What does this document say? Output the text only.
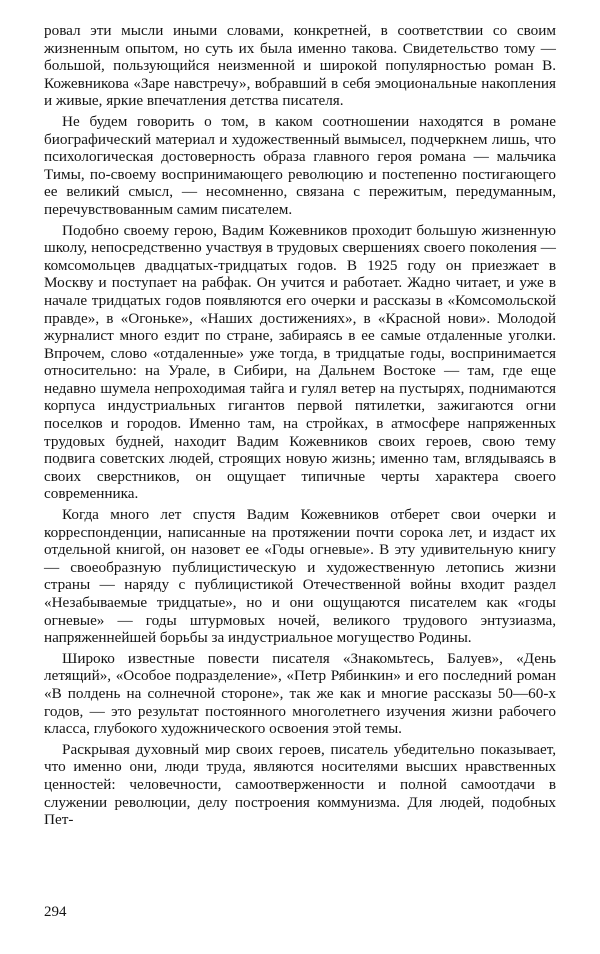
ровал эти мысли иными словами, конкретней, в соответствии со своим жизненным опытом, но суть их была именно такова. Свидетельство тому — большой, пользующийся неизменной и широкой популярностью роман В. Кожевникова «Заре навстречу», вобравший в себя эмоциональные накопления и живые, яркие впечатления детства писателя.

Не будем говорить о том, в каком соотношении находятся в романе биографический материал и художественный вымысел, подчеркнем лишь, что психологическая достоверность образа главного героя романа — мальчика Тимы, по-своему воспринимающего революцию и постепенно постигающего ее великий смысл, — несомненно, связана с пережитым, передуманным, перечувствованным самим писателем.

Подобно своему герою, Вадим Кожевников проходит большую жизненную школу, непосредственно участвуя в трудовых свершениях своего поколения — комсомольцев двадцатых-тридцатых годов. В 1925 году он приезжает в Москву и поступает на рабфак. Он учится и работает. Жадно читает, и уже в начале тридцатых годов появляются его очерки и рассказы в «Комсомольской правде», в «Огоньке», «Наших достижениях», в «Красной нови». Молодой журналист много ездит по стране, забираясь в ее самые отдаленные уголки. Впрочем, слово «отдаленные» уже тогда, в тридцатые годы, воспринимается относительно: на Урале, в Сибири, на Дальнем Востоке — там, где еще недавно шумела непроходимая тайга и гулял ветер на пустырях, поднимаются корпуса индустриальных гигантов первой пятилетки, зажигаются огни поселков и городов. Именно там, на стройках, в атмосфере напряженных трудовых будней, находит Вадим Кожевников своих героев, свою тему подвига советских людей, строящих новую жизнь; именно там, вглядываясь в своих сверстников, он ощущает типичные черты характера своего современника.

Когда много лет спустя Вадим Кожевников отберет свои очерки и корреспонденции, написанные на протяжении почти сорока лет, и издаст их отдельной книгой, он назовет ее «Годы огневые». В эту удивительную книгу — своеобразную публицистическую и художественную летопись жизни страны — наряду с публицистикой Отечественной войны входит раздел «Незабываемые тридцатые», но и они ощущаются писателем как «годы огневые» — годы штурмовых ночей, великого трудового энтузиазма, напряженнейшей борьбы за индустриальное могущество Родины.

Широко известные повести писателя «Знакомьтесь, Балуев», «День летящий», «Особое подразделение», «Петр Рябинкин» и его последний роман «В полдень на солнечной стороне», так же как и многие рассказы 50—60-х годов, — это результат постоянного многолетнего изучения жизни рабочего класса, глубокого художнического освоения этой темы.

Раскрывая духовный мир своих героев, писатель убедительно показывает, что именно они, люди труда, являются носителями высших нравственных ценностей: человечности, самоотверженности и полной самоотдачи в служении революции, делу построения коммунизма. Для людей, подобных Пет-

294
